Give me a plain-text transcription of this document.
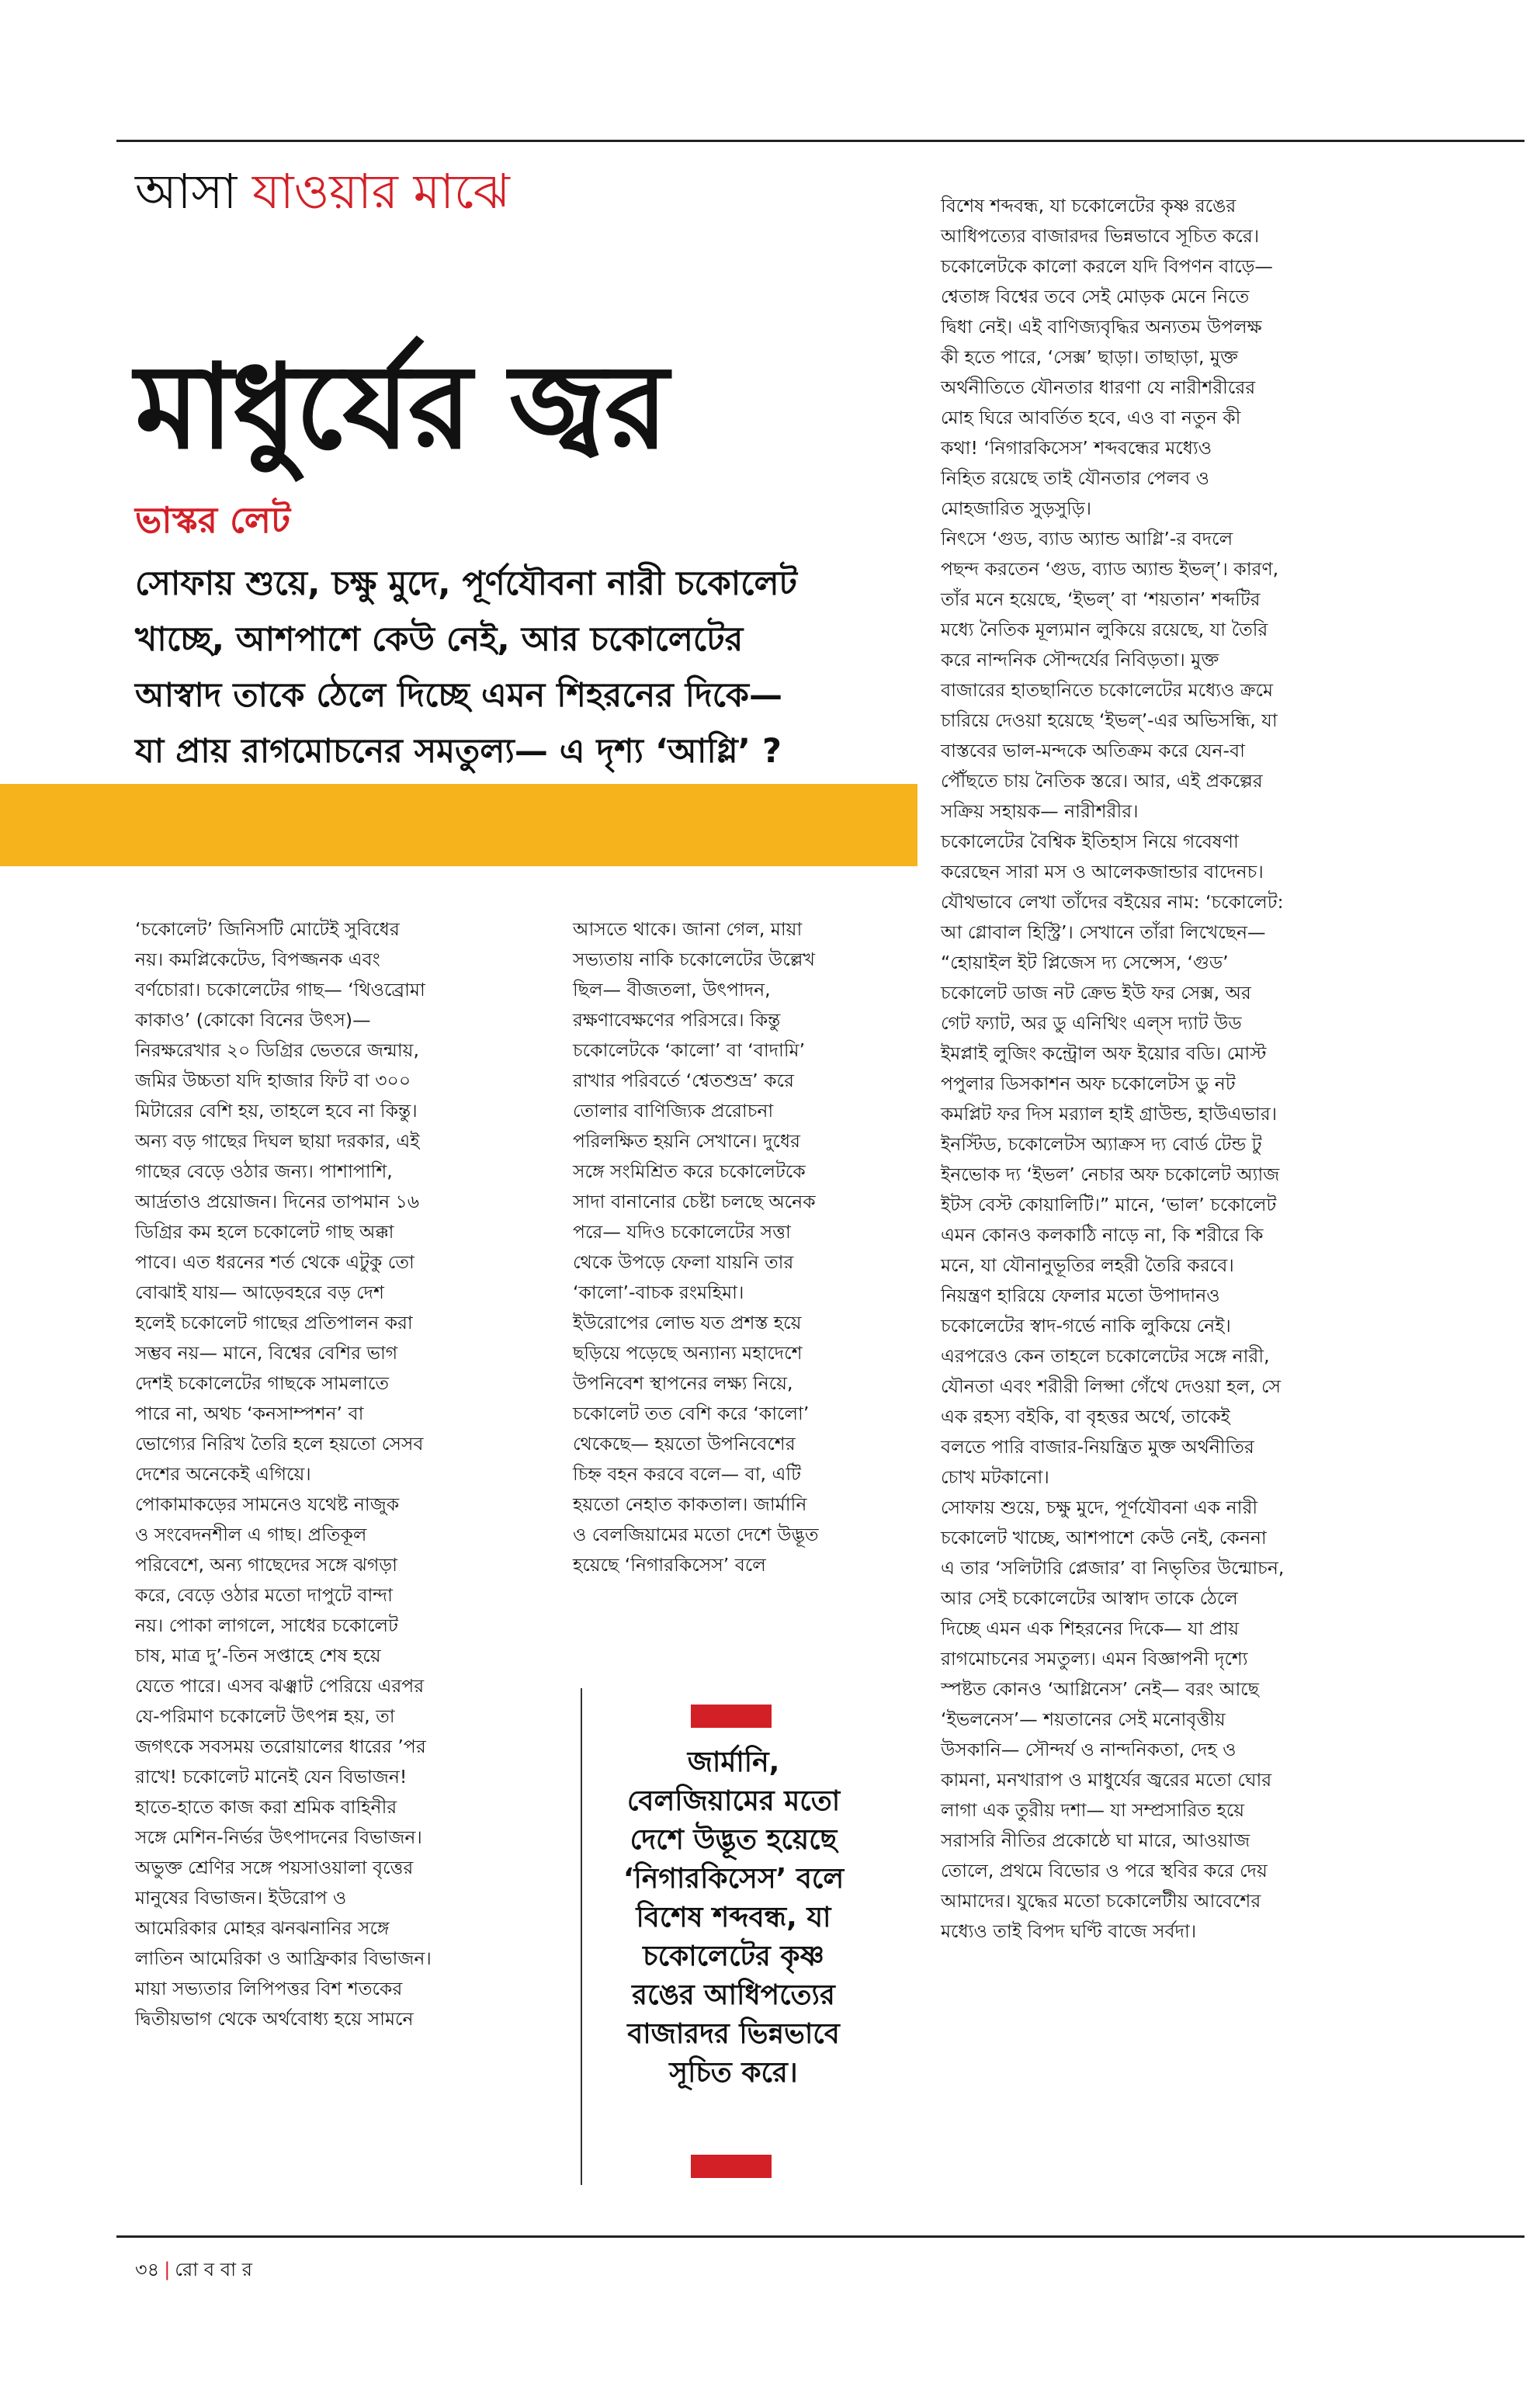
আসা যাওয়ার মাঝে
মাধুর্যের জ্বর
ভাস্কর লেট
সোফায় শুয়ে, চক্ষু মুদে, পূর্ণযৌবনা নারী চকোলেট
খাচ্ছে, আশপাশে কেউ নেই, আর চকোলেটের
আস্বাদ তাকে ঠেলে দিচ্ছে এমন শিহরনের দিকে—
যা প্রায় রাগমোচনের সমতুল্য— এ দৃশ্য ‘আগ্লি’ ?
‘চকোলেট’ জিনিসটি মোটেই সুবিধের
নয়। কমপ্লিকেটেড, বিপজ্জনক এবং
বর্ণচোরা। চকোলেটের গাছ— ‘থিওব্রোমা
কাকাও’ (কোকো বিনের উৎস)—
নিরক্ষরেখার ২০ ডিগ্রির ভেতরে জন্মায়,
জমির উচ্চতা যদি হাজার ফিট বা ৩০০
মিটারের বেশি হয়, তাহলে হবে না কিন্তু।
অন্য বড় গাছের দিঘল ছায়া দরকার, এই
গাছের বেড়ে ওঠার জন্য। পাশাপাশি,
আর্দ্রতাও প্রয়োজন। দিনের তাপমান ১৬
ডিগ্রির কম হলে চকোলেট গাছ অক্কা
পাবে। এত ধরনের শর্ত থেকে এটুকু তো
বোঝাই যায়— আড়েবহরে বড় দেশ
হলেই চকোলেট গাছের প্রতিপালন করা
সম্ভব নয়— মানে, বিশ্বের বেশির ভাগ
দেশই চকোলেটের গাছকে সামলাতে
পারে না, অথচ ‘কনসাম্পশন’ বা
ভোগ্যের নিরিখ তৈরি হলে হয়তো সেসব
দেশের অনেকেই এগিয়ে।
পোকামাকড়ের সামনেও যথেষ্ট নাজুক
ও সংবেদনশীল এ গাছ। প্রতিকূল
পরিবেশে, অন্য গাছেদের সঙ্গে ঝগড়া
করে, বেড়ে ওঠার মতো দাপুটে বান্দা
নয়। পোকা লাগলে, সাধের চকোলেট
চাষ, মাত্র দু’-তিন সপ্তাহে শেষ হয়ে
যেতে পারে। এসব ঝঞ্ঝাট পেরিয়ে এরপর
যে-পরিমাণ চকোলেট উৎপন্ন হয়, তা
জগৎকে সবসময় তরোয়ালের ধারের ’পর
রাখে! চকোলেট মানেই যেন বিভাজন!
হাতে-হাতে কাজ করা শ্রমিক বাহিনীর
সঙ্গে মেশিন-নির্ভর উৎপাদনের বিভাজন।
অভুক্ত শ্রেণির সঙ্গে পয়সাওয়ালা বৃত্তের
মানুষের বিভাজন। ইউরোপ ও
আমেরিকার মোহর ঝনঝনানির সঙ্গে
লাতিন আমেরিকা ও আফ্রিকার বিভাজন।
মায়া সভ্যতার লিপিপত্তর বিশ শতকের
দ্বিতীয়ভাগ থেকে অর্থবোধ্য হয়ে সামনে
আসতে থাকে। জানা গেল, মায়া
সভ্যতায় নাকি চকোলেটের উল্লেখ
ছিল— বীজতলা, উৎপাদন,
রক্ষণাবেক্ষণের পরিসরে। কিন্তু
চকোলেটকে ‘কালো’ বা ‘বাদামি’
রাখার পরিবর্তে ‘শ্বেতশুভ্র’ করে
তোলার বাণিজ্যিক প্ররোচনা
পরিলক্ষিত হয়নি সেখানে। দুধের
সঙ্গে সংমিশ্রিত করে চকোলেটকে
সাদা বানানোর চেষ্টা চলছে অনেক
পরে— যদিও চকোলেটের সত্তা
থেকে উপড়ে ফেলা যায়নি তার
‘কালো’-বাচক রংমহিমা।
ইউরোপের লোভ যত প্রশস্ত হয়ে
ছড়িয়ে পড়েছে অন্যান্য মহাদেশে
উপনিবেশ স্থাপনের লক্ষ্য নিয়ে,
চকোলেট তত বেশি করে ‘কালো’
থেকেছে— হয়তো উপনিবেশের
চিহ্ন বহন করবে বলে— বা, এটি
হয়তো নেহাত কাকতাল। জার্মানি
ও বেলজিয়ামের মতো দেশে উদ্ভূত
হয়েছে ‘নিগারকিসেস’ বলে
বিশেষ শব্দবন্ধ, যা চকোলেটের কৃষ্ণ রঙের
আধিপত্যের বাজারদর ভিন্নভাবে সূচিত করে।
চকোলেটকে কালো করলে যদি বিপণন বাড়ে—
শ্বেতাঙ্গ বিশ্বের তবে সেই মোড়ক মেনে নিতে
দ্বিধা নেই। এই বাণিজ্যবৃদ্ধির অন্যতম উপলক্ষ
কী হতে পারে, ‘সেক্স’ ছাড়া। তাছাড়া, মুক্ত
অর্থনীতিতে যৌনতার ধারণা যে নারীশরীরের
মোহ ঘিরে আবর্তিত হবে, এও বা নতুন কী
কথা! ‘নিগারকিসেস’ শব্দবন্ধের মধ্যেও
নিহিত রয়েছে তাই যৌনতার পেলব ও
মোহজারিত সুড়সুড়ি।
নিৎসে ‘গুড, ব্যাড অ্যান্ড আগ্লি’-র বদলে
পছন্দ করতেন ‘গুড, ব্যাড অ্যান্ড ইভল্’। কারণ,
তাঁর মনে হয়েছে, ‘ইভল্’ বা ‘শয়তান’ শব্দটির
মধ্যে নৈতিক মূল্যমান লুকিয়ে রয়েছে, যা তৈরি
করে নান্দনিক সৌন্দর্যের নিবিড়তা। মুক্ত
বাজারের হাতছানিতে চকোলেটের মধ্যেও ক্রমে
চারিয়ে দেওয়া হয়েছে ‘ইভল্’-এর অভিসন্ধি, যা
বাস্তবের ভাল-মন্দকে অতিক্রম করে যেন-বা
পৌঁছতে চায় নৈতিক স্তরে। আর, এই প্রকল্পের
সক্রিয় সহায়ক— নারীশরীর।
চকোলেটের বৈশ্বিক ইতিহাস নিয়ে গবেষণা
করেছেন সারা মস ও আলেকজান্ডার বাদেনচ।
যৌথভাবে লেখা তাঁদের বইয়ের নাম: ‘চকোলেট:
আ গ্লোবাল হিস্ট্রি’। সেখানে তাঁরা লিখেছেন—
“হোয়াইল ইট প্লিজেস দ্য সেন্সেস, ‘গুড’
চকোলেট ডাজ নট ক্রেভ ইউ ফর সেক্স, অর
গেট ফ্যাট, অর ডু এনিথিং এল্স দ্যাট উড
ইমপ্লাই লুজিং কন্ট্রোল অফ ইয়োর বডি। মোস্ট
পপুলার ডিসকাশন অফ চকোলেটস ডু নট
কমপ্লিট ফর দিস মর‍্যাল হাই গ্রাউন্ড, হাউএভার।
ইনস্টিড, চকোলেটস অ্যাক্রস দ্য বোর্ড টেন্ড টু
ইনভোক দ্য ‘ইভল’ নেচার অফ চকোলেট অ্যাজ
ইটস বেস্ট কোয়ালিটি।” মানে, ‘ভাল’ চকোলেট
এমন কোনও কলকাঠি নাড়ে না, কি শরীরে কি
মনে, যা যৌনানুভূতির লহরী তৈরি করবে।
নিয়ন্ত্রণ হারিয়ে ফেলার মতো উপাদানও
চকোলেটের স্বাদ-গর্ভে নাকি লুকিয়ে নেই।
এরপরেও কেন তাহলে চকোলেটের সঙ্গে নারী,
যৌনতা এবং শরীরী লিপ্সা গেঁথে দেওয়া হল, সে
এক রহস্য বইকি, বা বৃহত্তর অর্থে, তাকেই
বলতে পারি বাজার-নিয়ন্ত্রিত মুক্ত অর্থনীতির
চোখ মটকানো।
সোফায় শুয়ে, চক্ষু মুদে, পূর্ণযৌবনা এক নারী
চকোলেট খাচ্ছে, আশপাশে কেউ নেই, কেননা
এ তার ‘সলিটারি প্লেজার’ বা নিভৃতির উন্মোচন,
আর সেই চকোলেটের আস্বাদ তাকে ঠেলে
দিচ্ছে এমন এক শিহরনের দিকে— যা প্রায়
রাগমোচনের সমতুল্য। এমন বিজ্ঞাপনী দৃশ্যে
স্পষ্টত কোনও ‘আগ্লিনেস’ নেই— বরং আছে
‘ইভলনেস’— শয়তানের সেই মনোবৃত্তীয়
উসকানি— সৌন্দর্য ও নান্দনিকতা, দেহ ও
কামনা, মনখারাপ ও মাধুর্যের জ্বরের মতো ঘোর
লাগা এক তুরীয় দশা— যা সম্প্রসারিত হয়ে
সরাসরি নীতির প্রকোষ্ঠে ঘা মারে, আওয়াজ
তোলে, প্রথমে বিভোর ও পরে স্থবির করে দেয়
আমাদের। যুদ্ধের মতো চকোলেটীয় আবেশের
মধ্যেও তাই বিপদ ঘণ্টি বাজে সর্বদা।
জার্মানি,
বেলজিয়ামের মতো
দেশে উদ্ভূত হয়েছে
‘নিগারকিসেস’ বলে
বিশেষ শব্দবন্ধ, যা
চকোলেটের কৃষ্ণ
রঙের আধিপত্যের
বাজারদর ভিন্নভাবে
সূচিত করে।
৩৪ | রো ব বা র
